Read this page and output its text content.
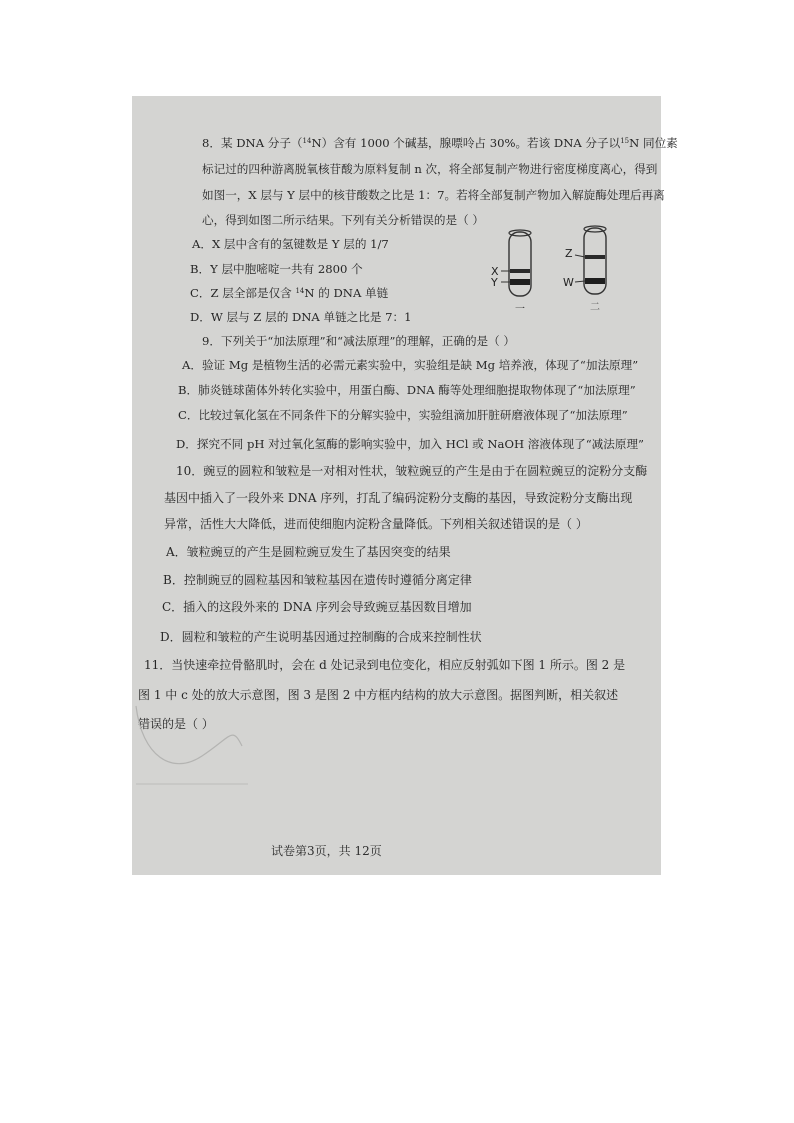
8．某 DNA 分子（$^{14}$N）含有 1000 个碱基，腺嘌呤占 30%。若该 DNA 分子以$^{15}$N 同位素
标记过的四种游离脱氧核苷酸为原料复制 n 次，将全部复制产物进行密度梯度离心，得到
如图一，X 层与 Y 层中的核苷酸数之比是 1：7。若将全部复制产物加入解旋酶处理后再离
心，得到如图二所示结果。下列有关分析错误的是（ ）
A．X 层中含有的氢键数是 Y 层的 1/7
B．Y 层中胞嘧啶一共有 2800 个
C．Z 层全部是仅含 $^{14}$N 的 DNA 单链
D．W 层与 Z 层的 DNA 单链之比是 7：1
X
Y
Z
W
一	二
9．下列关于“加法原理”和“减法原理”的理解，正确的是（ ）
A．验证 Mg 是植物生活的必需元素实验中，实验组是缺 Mg 培养液，体现了“加法原理”
B．肺炎链球菌体外转化实验中，用蛋白酶、DNA 酶等处理细胞提取物体现了“加法原理”
C．比较过氧化氢在不同条件下的分解实验中，实验组滴加肝脏研磨液体现了“加法原理”
D．探究不同 pH 对过氧化氢酶的影响实验中，加入 HCl 或 NaOH 溶液体现了“减法原理”
10．豌豆的圆粒和皱粒是一对相对性状，皱粒豌豆的产生是由于在圆粒豌豆的淀粉分支酶
基因中插入了一段外来 DNA 序列，打乱了编码淀粉分支酶的基因，导致淀粉分支酶出现
异常，活性大大降低，进而使细胞内淀粉含量降低。下列相关叙述错误的是（ ）
A．皱粒豌豆的产生是圆粒豌豆发生了基因突变的结果
B．控制豌豆的圆粒基因和皱粒基因在遗传时遵循分离定律
C．插入的这段外来的 DNA 序列会导致豌豆基因数目增加
D．圆粒和皱粒的产生说明基因通过控制酶的合成来控制性状
11．当快速牵拉骨骼肌时，会在 d 处记录到电位变化，相应反射弧如下图 1 所示。图 2 是
图 1 中 c 处的放大示意图，图 3 是图 2 中方框内结构的放大示意图。据图判断，相关叙述
错误的是（ ）
试卷第3页，共 12页
